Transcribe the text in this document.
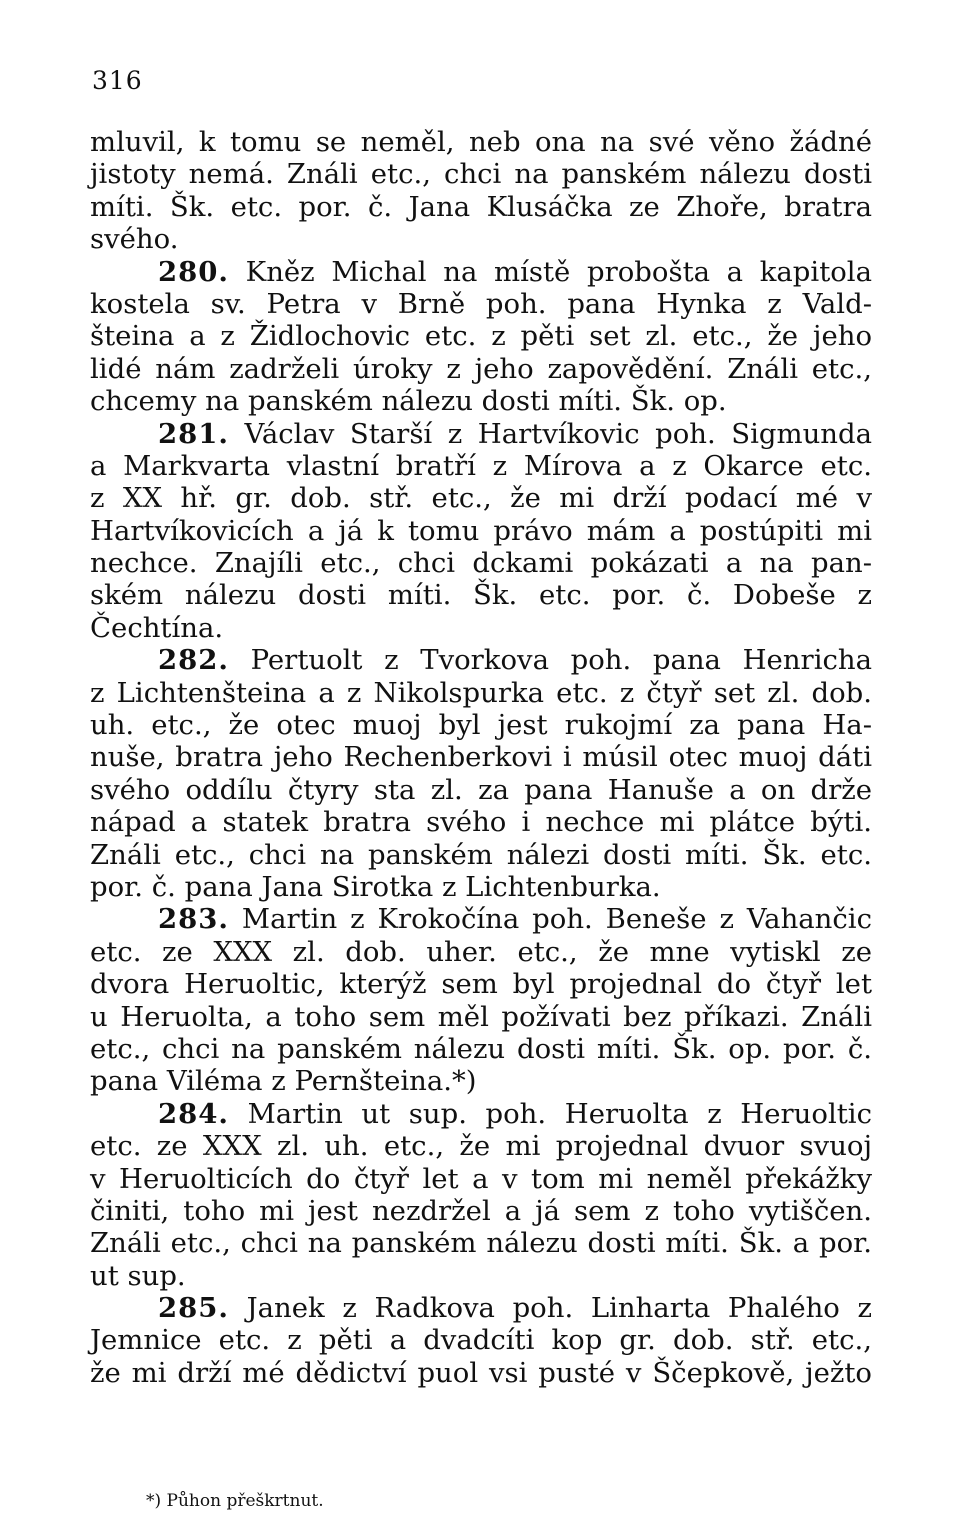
316
mluvil, k tomu se neměl, neb ona na své věno žádné
jistoty nemá. Ználi etc., chci na panském nálezu dosti
míti. Šk. etc. por. č. Jana Klusáčka ze Zhoře, bratra
svého.
280. Kněz Michal na místě proboštа a kapitola
kostela sv. Petra v Brně poh. pana Hynka z Vald-
šteina a z Židlochovic etc. z pěti set zl. etc., že jeho
lidé nám zadrželi úroky z jeho zapovědění. Ználi etc.,
chcemy na panském nálezu dosti míti. Šk. op.
281. Václav Starší z Hartvíkovic poh. Sigmunda
a Markvarta vlastní bratří z Mírova a z Okarce etc.
z XX hř. gr. dob. stř. etc., že mi drží podací mé v
Hartvíkovicích a já k tomu právo mám a postúpiti mi
nechce. Znajíli etc., chci dckami pokázati a na pan-
ském nálezu dosti míti. Šk. etc. por. č. Dobeše z
Čechtína.
282. Pertuolt z Tvorkova poh. pana Henricha
z Lichtenšteina a z Nikolspurka etc. z čtyř set zl. dob.
uh. etc., že otec muoj byl jest rukojmí za pana Ha-
nuše, bratra jeho Rechenberkovi i músil otec muoj dáti
svého oddílu čtyry sta zl. za pana Hanuše a on drže
nápad a statek bratra svého i nechce mi plátce býti.
Ználi etc., chci na panském nálezi dosti míti. Šk. etc.
por. č. pana Jana Sirotka z Lichtenburka.
283. Martin z Krokočína poh. Beneše z Vahančic
etc. ze XXX zl. dob. uher. etc., že mne vytiskl ze
dvora Heruoltic, kterýž sem byl projednal do čtyř let
u Heruolta, a toho sem měl požívati bez příkazi. Ználi
etc., chci na panském nálezu dosti míti. Šk. op. por. č.
pana Viléma z Pernšteina.*)
284. Martin ut sup. poh. Heruolta z Heruoltic
etc. ze XXX zl. uh. etc., že mi projednal dvuor svuoj
v Heruolticích do čtyř let a v tom mi neměl překážky
činiti, toho mi jest nezdržel a já sem z toho vytiščen.
Ználi etc., chci na panském nálezu dosti míti. Šk. a por.
ut sup.
285. Janek z Radkova poh. Linharta Phalého z
Jemnice etc. z pěti a dvadcíti kop gr. dob. stř. etc.,
že mi drží mé dědictví puol vsi pusté v Ščepkově, ježto
*) Půhon přeškrtnut.
